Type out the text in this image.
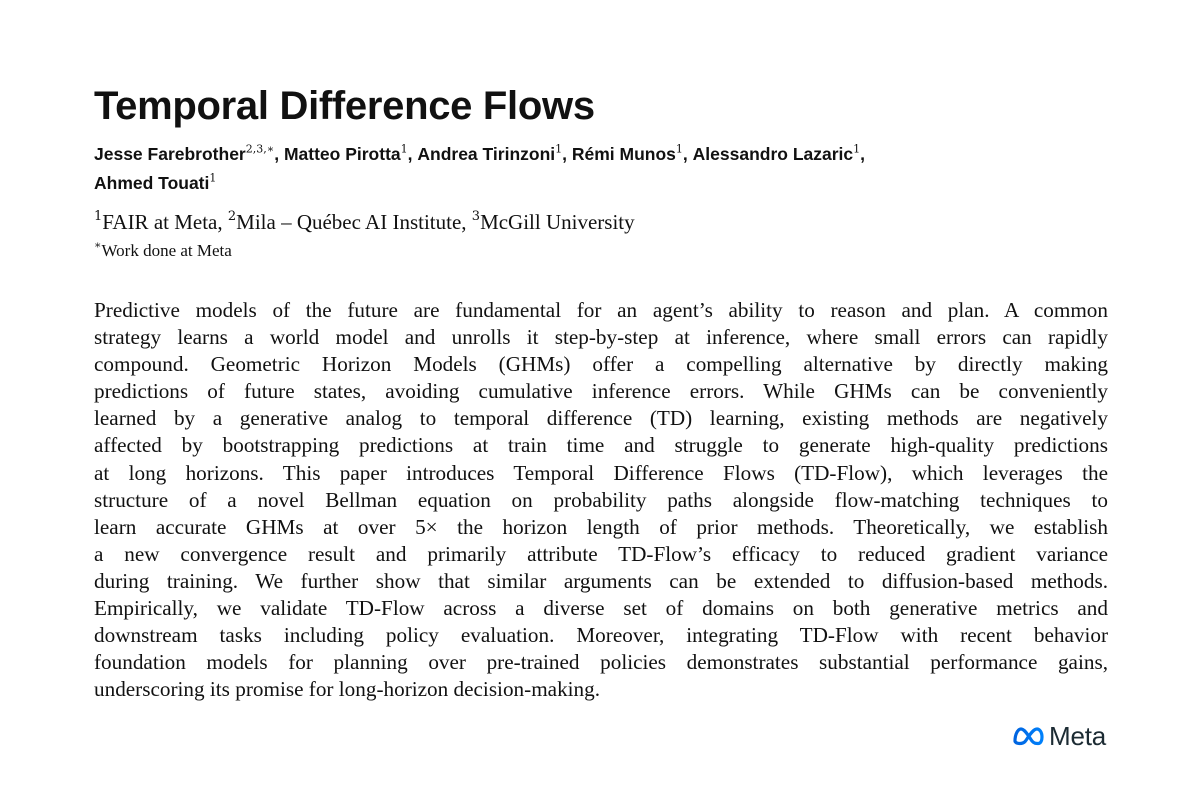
Temporal Difference Flows
Jesse Farebrother$^{2,3,∗}$, Matteo Pirotta$^1$, Andrea Tirinzoni$^1$, Rémi Munos$^1$, Alessandro Lazaric$^1$,
Ahmed Touati$^1$
$^1$FAIR at Meta, $^2$Mila – Québec AI Institute, $^3$McGill University
∗Work done at Meta
Predictive models of the future are fundamental for an agent’s ability to reason and plan. A common
strategy learns a world model and unrolls it step-by-step at inference, where small errors can rapidly
compound. Geometric Horizon Models (GHMs) offer a compelling alternative by directly making
predictions of future states, avoiding cumulative inference errors. While GHMs can be conveniently
learned by a generative analog to temporal difference (TD) learning, existing methods are negatively
affected by bootstrapping predictions at train time and struggle to generate high-quality predictions
at long horizons. This paper introduces Temporal Difference Flows (TD-Flow), which leverages the
structure of a novel Bellman equation on probability paths alongside flow-matching techniques to
learn accurate GHMs at over 5× the horizon length of prior methods. Theoretically, we establish
a new convergence result and primarily attribute TD-Flow’s efficacy to reduced gradient variance
during training. We further show that similar arguments can be extended to diffusion-based methods.
Empirically, we validate TD-Flow across a diverse set of domains on both generative metrics and
downstream tasks including policy evaluation. Moreover, integrating TD-Flow with recent behavior
foundation models for planning over pre-trained policies demonstrates substantial performance gains,
underscoring its promise for long-horizon decision-making.
Meta
